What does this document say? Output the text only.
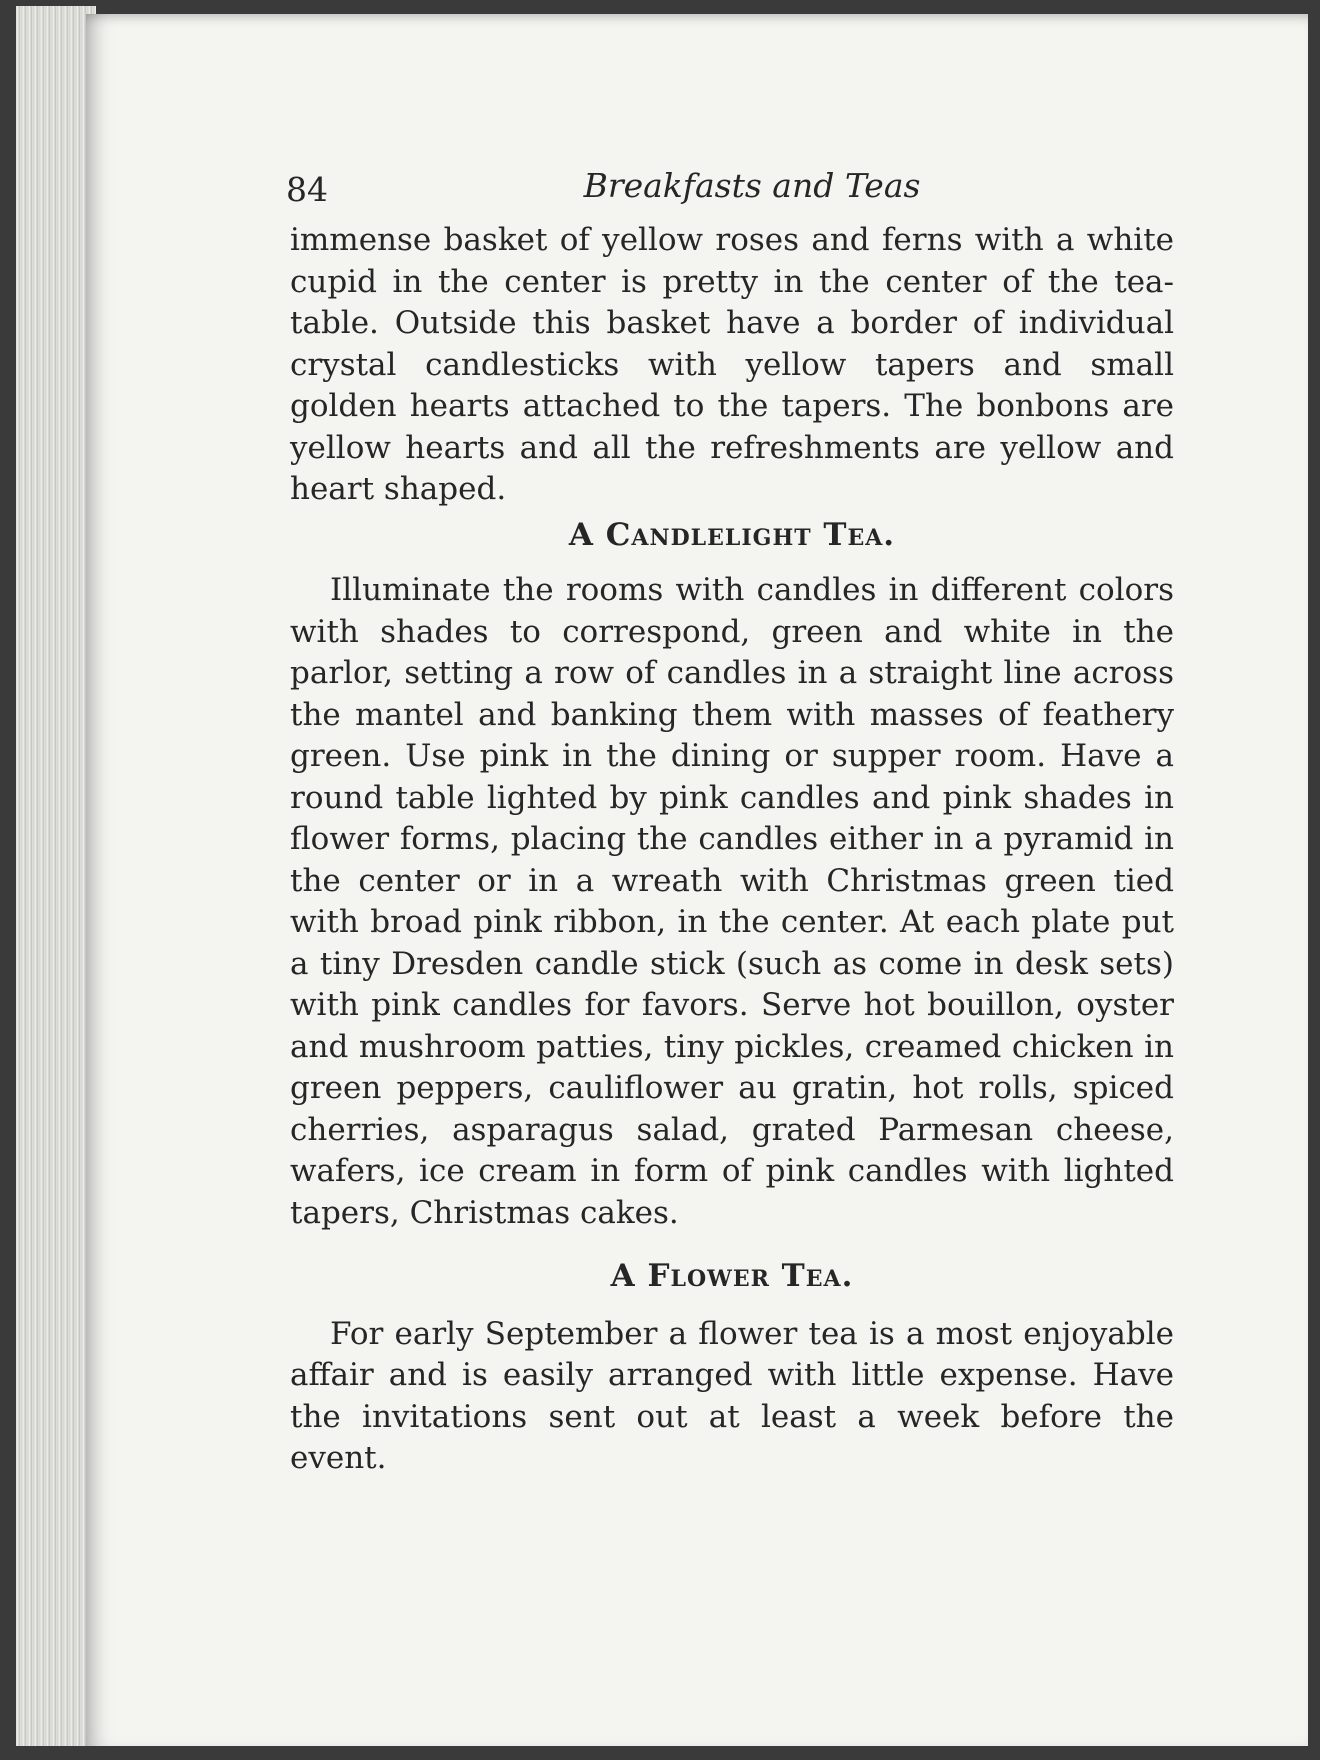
84	Breakfasts and Teas

immense basket of yellow roses and ferns with a white cupid in the center is pretty in the center of the tea-table. Outside this basket have a border of individual crystal candlesticks with yellow tapers and small golden hearts attached to the tapers. The bonbons are yellow hearts and all the refreshments are yellow and heart shaped.

A Candlelight Tea.

Illuminate the rooms with candles in different colors with shades to correspond, green and white in the parlor, setting a row of candles in a straight line across the mantel and banking them with masses of feathery green. Use pink in the dining or supper room. Have a round table lighted by pink candles and pink shades in flower forms, placing the candles either in a pyramid in the center or in a wreath with Christmas green tied with broad pink ribbon, in the center. At each plate put a tiny Dresden candle stick (such as come in desk sets) with pink candles for favors. Serve hot bouillon, oyster and mushroom patties, tiny pickles, creamed chicken in green peppers, cauliflower au gratin, hot rolls, spiced cherries, asparagus salad, grated Parmesan cheese, wafers, ice cream in form of pink candles with lighted tapers, Christmas cakes.

A Flower Tea.

For early September a flower tea is a most enjoyable affair and is easily arranged with little expense. Have the invitations sent out at least a week before the event.
